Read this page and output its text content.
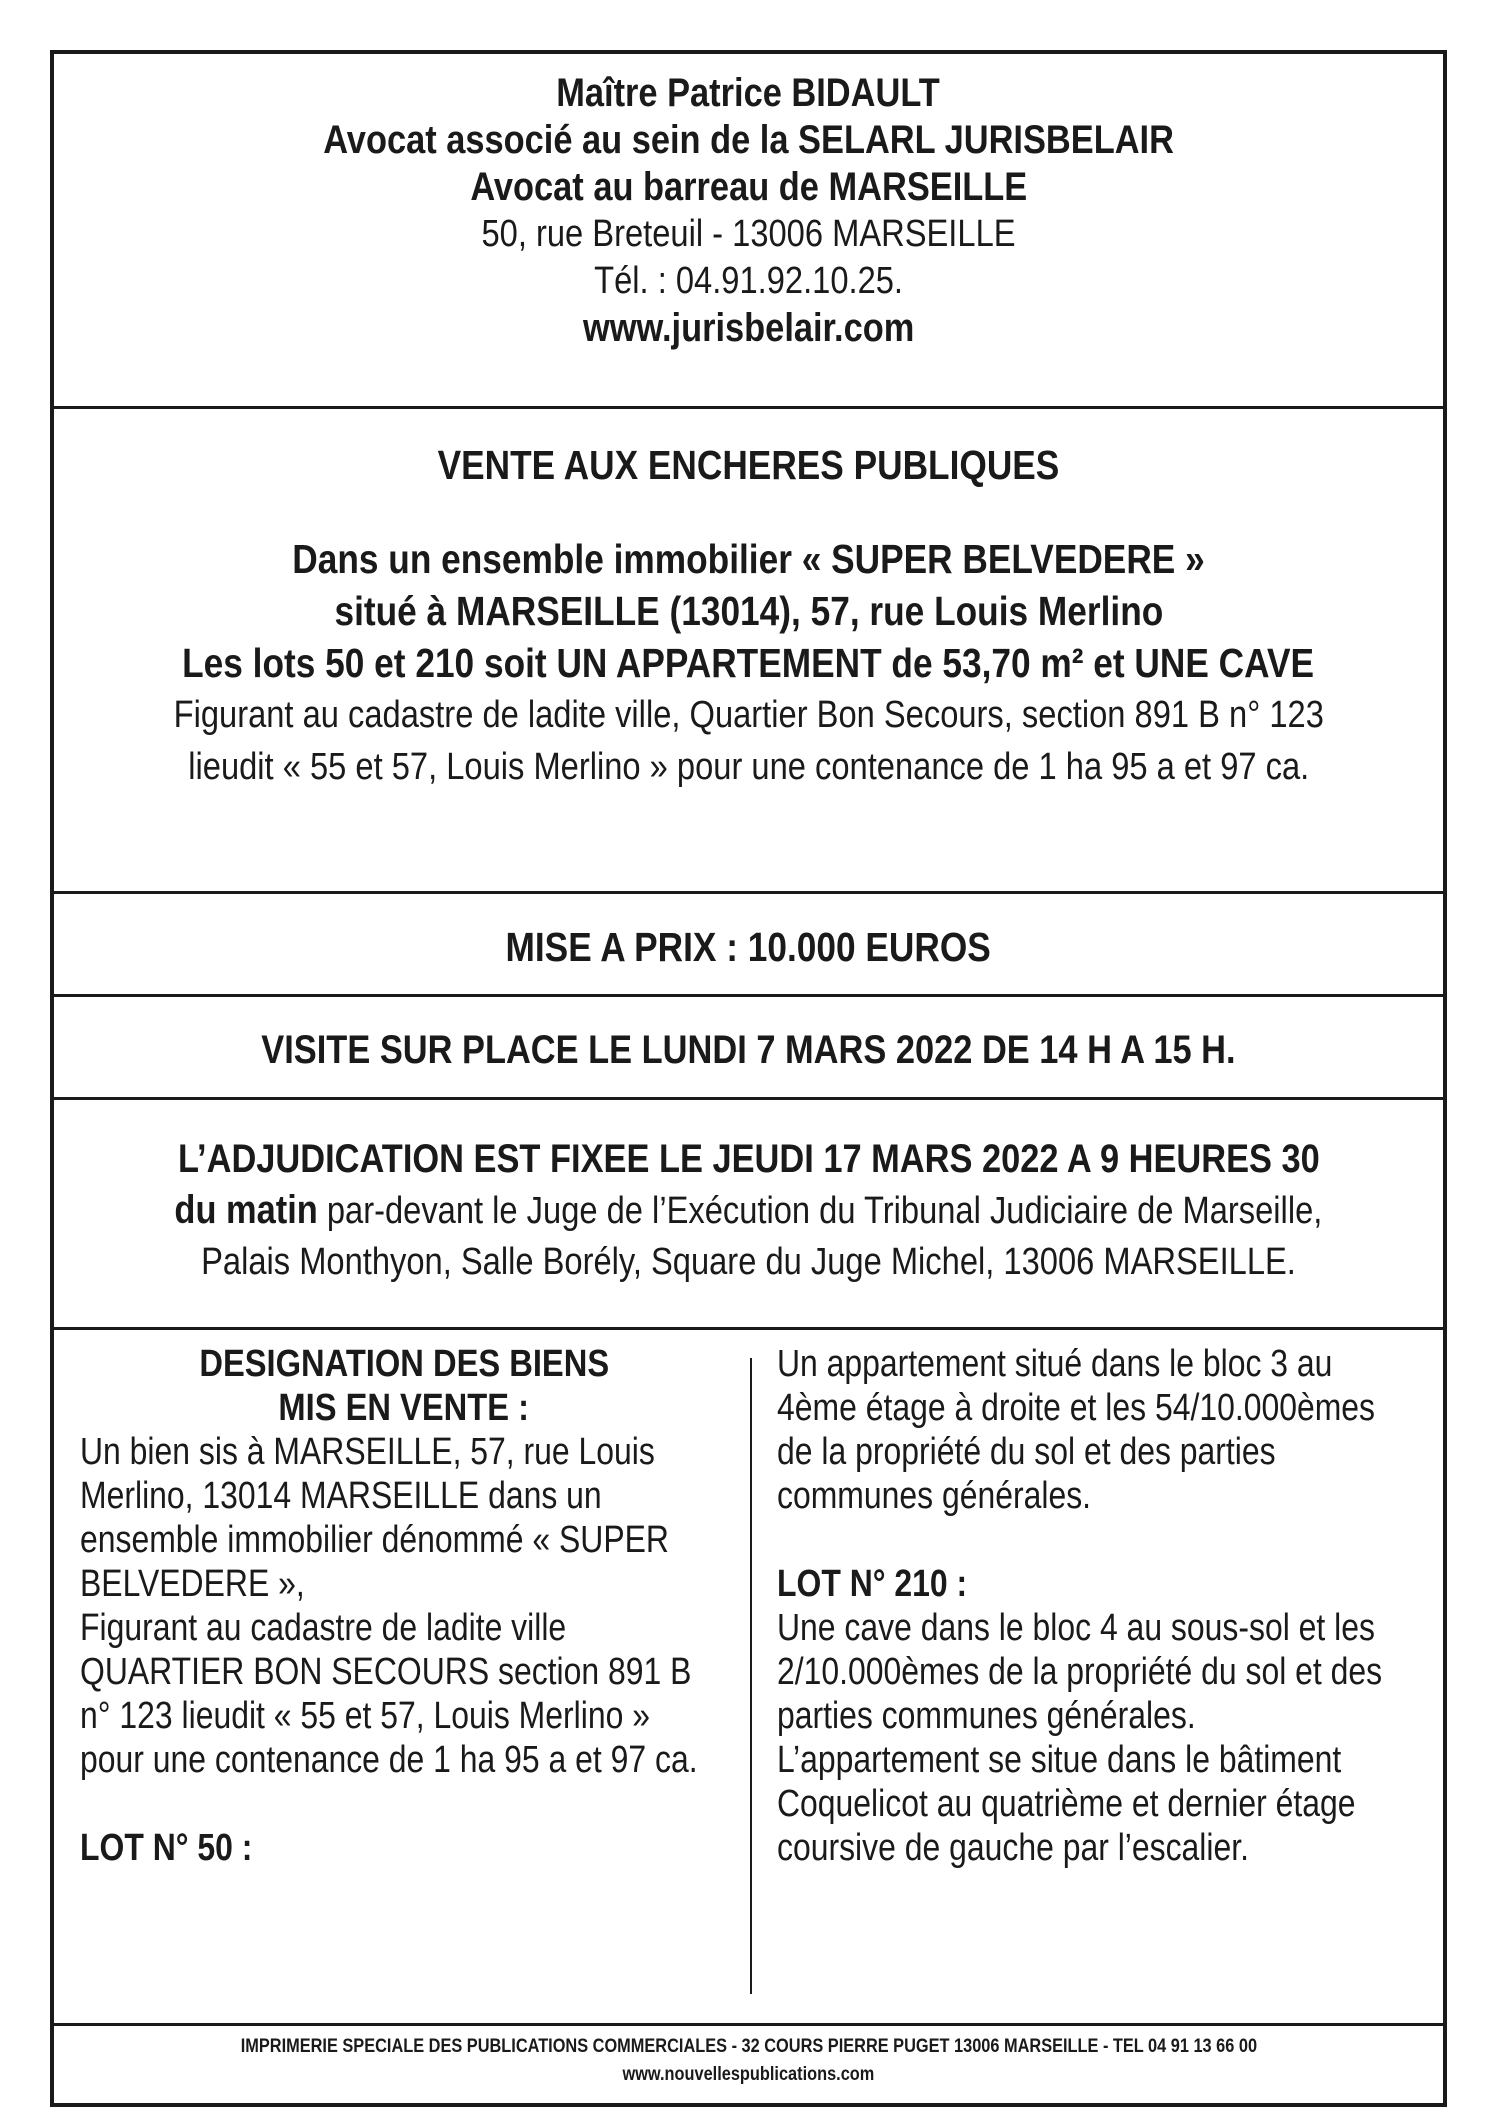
Maître Patrice BIDAULT
Avocat associé au sein de la SELARL JURISBELAIR
Avocat au barreau de MARSEILLE
50, rue Breteuil - 13006 MARSEILLE
Tél. : 04.91.92.10.25.
www.jurisbelair.com
VENTE AUX ENCHERES PUBLIQUES
Dans un ensemble immobilier « SUPER BELVEDERE »
situé à MARSEILLE (13014), 57, rue Louis Merlino
Les lots 50 et 210 soit UN APPARTEMENT de 53,70 m² et UNE CAVE
Figurant au cadastre de ladite ville, Quartier Bon Secours, section 891 B n° 123
lieudit « 55 et 57, Louis Merlino » pour une contenance de 1 ha 95 a et 97 ca.
MISE A PRIX : 10.000 EUROS
VISITE SUR PLACE LE LUNDI 7 MARS 2022 DE 14 H A 15 H.
L’ADJUDICATION EST FIXEE LE JEUDI 17 MARS 2022 A 9 HEURES 30
du matin par-devant le Juge de l’Exécution du Tribunal Judiciaire de Marseille,
Palais Monthyon, Salle Borély, Square du Juge Michel, 13006 MARSEILLE.
DESIGNATION DES BIENS
MIS EN VENTE :
Un bien sis à MARSEILLE, 57, rue Louis
Merlino, 13014 MARSEILLE dans un
ensemble immobilier dénommé « SUPER
BELVEDERE »,
Figurant au cadastre de ladite ville
QUARTIER BON SECOURS section 891 B
n° 123 lieudit « 55 et 57, Louis Merlino »
pour une contenance de 1 ha 95 a et 97 ca.
LOT N° 50 :
Un appartement situé dans le bloc 3 au
4ème étage à droite et les 54/10.000èmes
de la propriété du sol et des parties
communes générales.
LOT N° 210 :
Une cave dans le bloc 4 au sous-sol et les
2/10.000èmes de la propriété du sol et des
parties communes générales.
L’appartement se situe dans le bâtiment
Coquelicot au quatrième et dernier étage
coursive de gauche par l’escalier.
IMPRIMERIE SPECIALE DES PUBLICATIONS COMMERCIALES - 32 COURS PIERRE PUGET 13006 MARSEILLE - TEL 04 91 13 66 00
www.nouvellespublications.com
